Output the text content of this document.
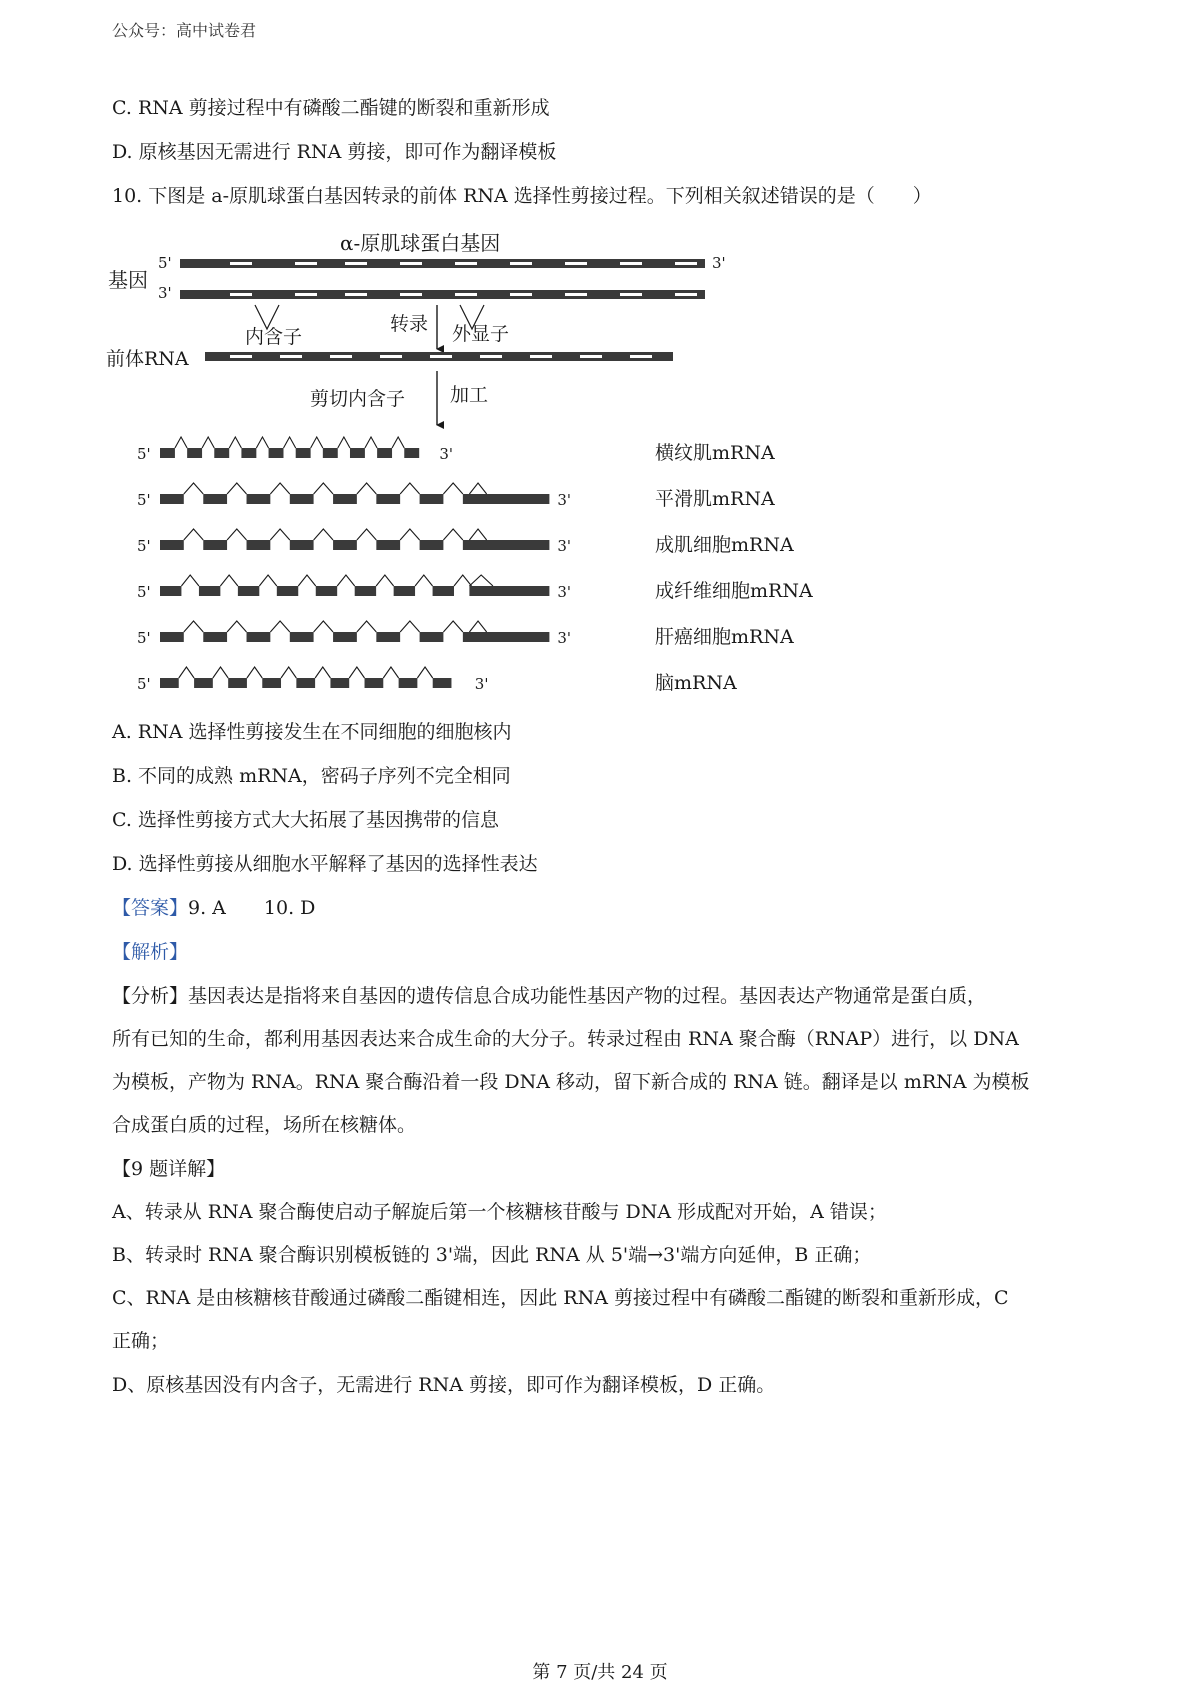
公众号：高中试卷君
C. RNA 剪接过程中有磷酸二酯键的断裂和重新形成
D. 原核基因无需进行 RNA 剪接，即可作为翻译模板
10. 下图是 a-原肌球蛋白基因转录的前体 RNA 选择性剪接过程。下列相关叙述错误的是（　　）
α-原肌球蛋白基因
5'	3'
基因
3'
内含子
转录 外显子
前体RNA
剪切内含子 加工
5'	3'	横纹肌mRNA
5'	3'	平滑肌mRNA
5'	3'	成肌细胞mRNA
5'	3'	成纤维细胞mRNA
5'	3'	肝癌细胞mRNA
5'	3'	脑mRNA
A. RNA 选择性剪接发生在不同细胞的细胞核内
B. 不同的成熟 mRNA，密码子序列不完全相同
C. 选择性剪接方式大大拓展了基因携带的信息
D. 选择性剪接从细胞水平解释了基因的选择性表达
【答案】9. A　　10. D
【解析】
【分析】基因表达是指将来自基因的遗传信息合成功能性基因产物的过程。基因表达产物通常是蛋白质，
所有已知的生命，都利用基因表达来合成生命的大分子。转录过程由 RNA 聚合酶（RNAP）进行，以 DNA
为模板，产物为 RNA。RNA 聚合酶沿着一段 DNA 移动，留下新合成的 RNA 链。翻译是以 mRNA 为模板
合成蛋白质的过程，场所在核糖体。
【9 题详解】
A、转录从 RNA 聚合酶使启动子解旋后第一个核糖核苷酸与 DNA 形成配对开始，A 错误；
B、转录时 RNA 聚合酶识别模板链的 3'端，因此 RNA 从 5'端→3'端方向延伸，B 正确；
C、RNA 是由核糖核苷酸通过磷酸二酯键相连，因此 RNA 剪接过程中有磷酸二酯键的断裂和重新形成，C
正确；
D、原核基因没有内含子，无需进行 RNA 剪接，即可作为翻译模板，D 正确。
第 7 页/共 24 页
